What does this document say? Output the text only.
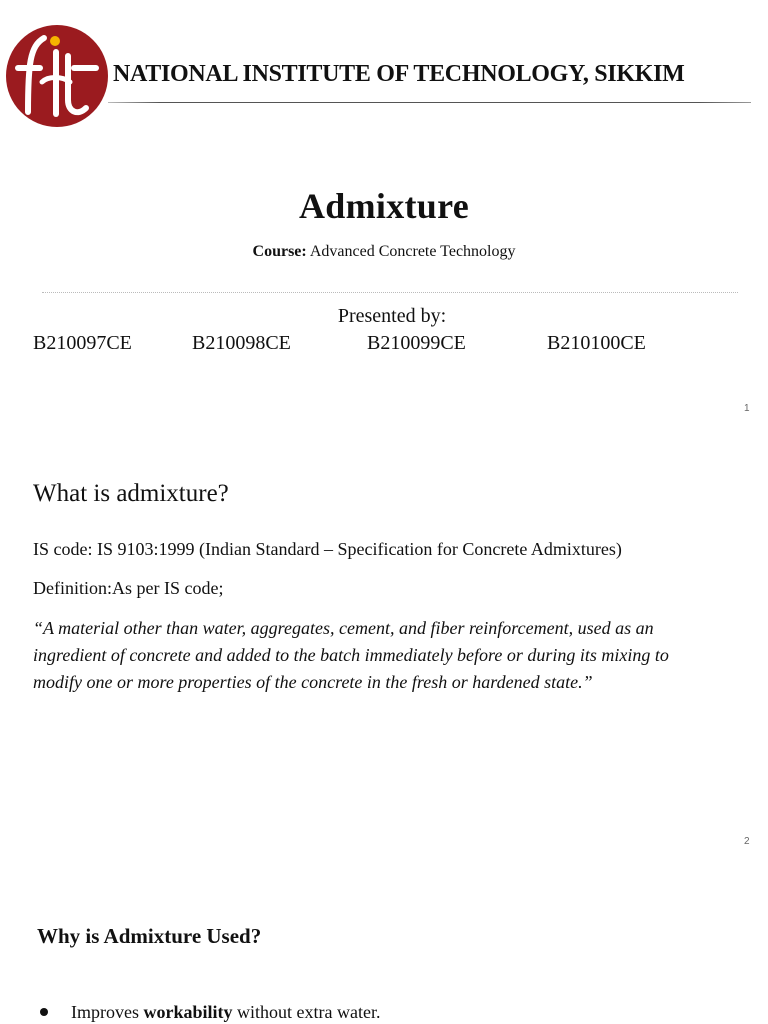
NATIONAL INSTITUTE OF TECHNOLOGY, SIKKIM
Admixture
Course: Advanced Concrete Technology
Presented by:
B210097CE	B210098CE	B210099CE	B210100CE
1
What is admixture?
IS code: IS 9103:1999 (Indian Standard – Specification for Concrete Admixtures)
Definition:As per IS code;
“A material other than water, aggregates, cement, and fiber reinforcement, used as an
ingredient of concrete and added to the batch immediately before or during its mixing to
modify one or more properties of the concrete in the fresh or hardened state.”
2
Why is Admixture Used?
Improves workability without extra water.
